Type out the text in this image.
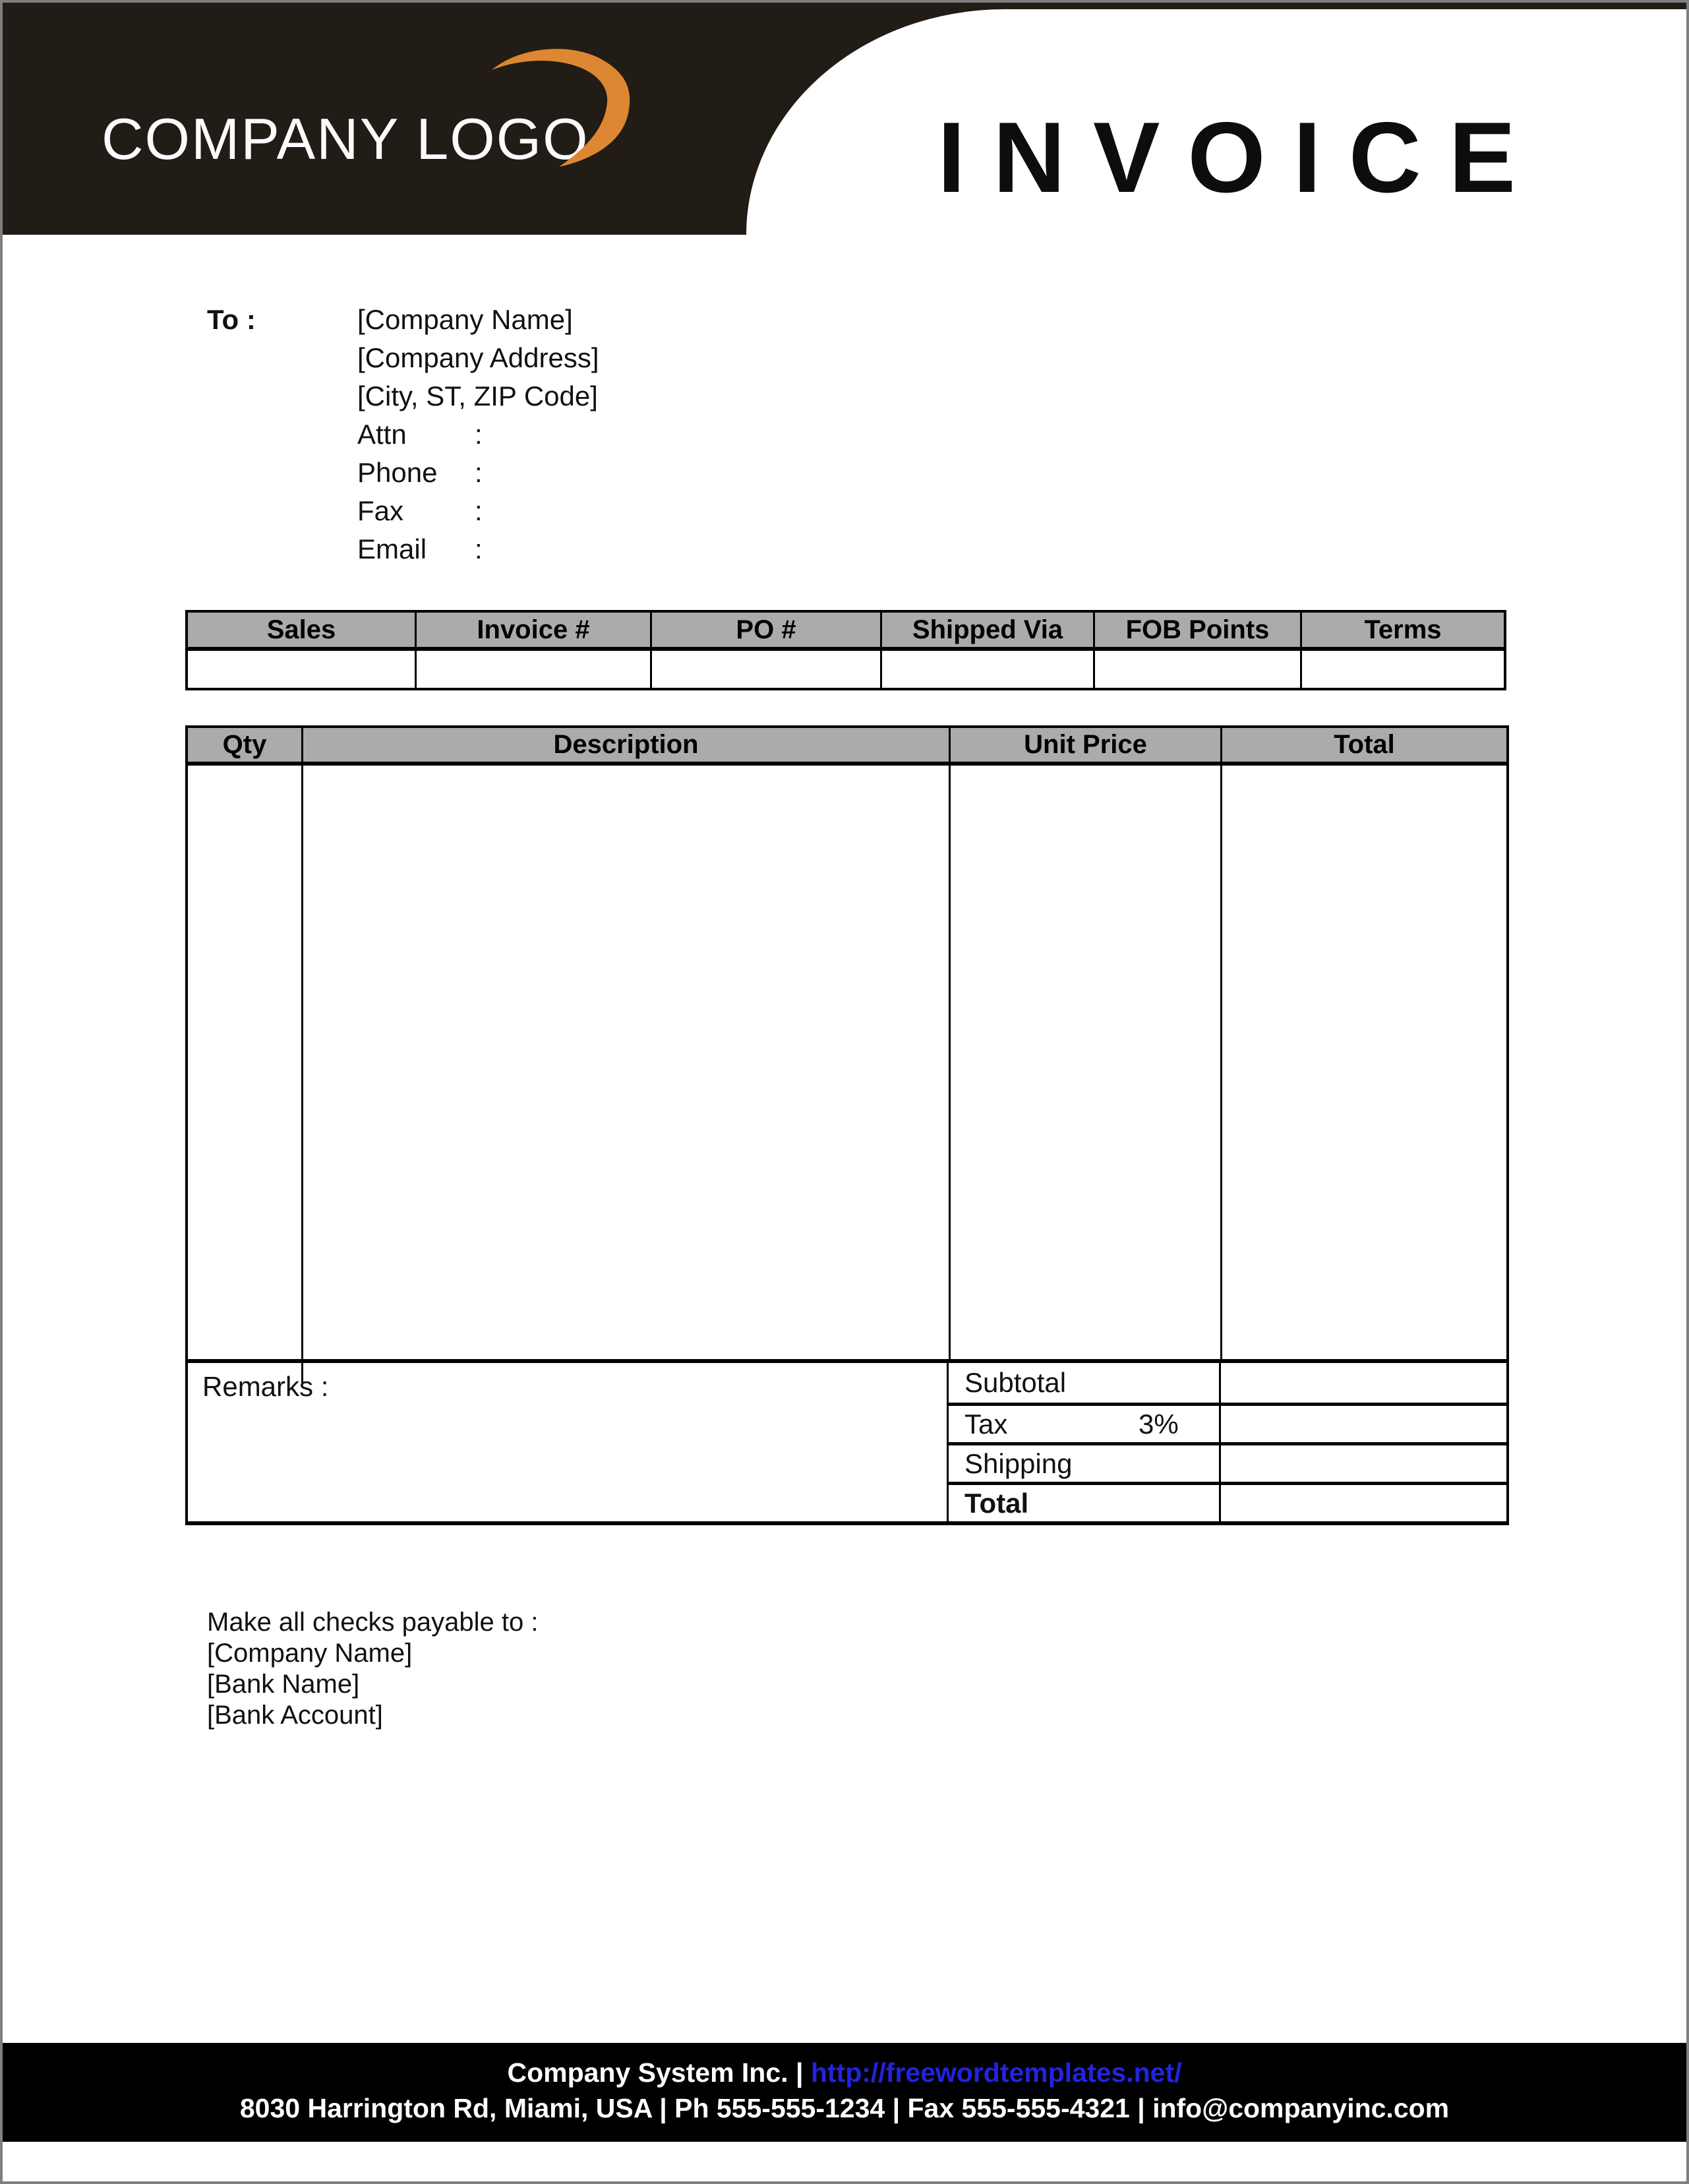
COMPANY LOGO	INVOICE
To :	[Company Name]
[Company Address]
[City, ST, ZIP Code]
Attn	:
Phone	:
Fax	:
Email	:
Sales	Invoice #	PO #	Shipped Via	FOB Points	Terms
Qty	Description	Unit Price	Total
Remarks :	Subtotal
Tax	3%
Shipping
Total
Make all checks payable to :
[Company Name]
[Bank Name]
[Bank Account]
Company System Inc. | http://freewordtemplates.net/
8030 Harrington Rd, Miami, USA | Ph 555-555-1234 | Fax 555-555-4321 | info@companyinc.com
